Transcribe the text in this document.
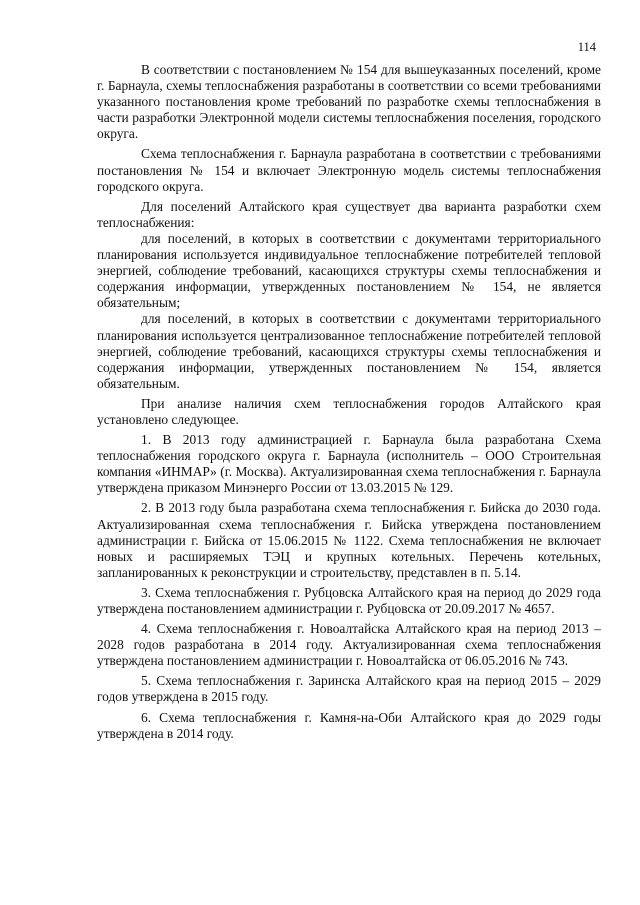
114

В соответствии с постановлением № 154 для вышеуказанных поселений, кроме г. Барнаула, схемы теплоснабжения разработаны в соответствии со всеми требованиями указанного постановления кроме требований по разработке схемы теплоснабжения в части разработки Электронной модели системы теплоснабжения поселения, городского округа.

Схема теплоснабжения г. Барнаула разработана в соответствии с требованиями постановления № 154 и включает Электронную модель системы теплоснабжения городского округа.

Для поселений Алтайского края существует два варианта разработки схем теплоснабжения:

для поселений, в которых в соответствии с документами территориального планирования используется индивидуальное теплоснабжение потребителей тепловой энергией, соблюдение требований, касающихся структуры схемы теплоснабжения и содержания информации, утвержденных постановлением № 154, не является обязательным;

для поселений, в которых в соответствии с документами территориального планирования используется централизованное теплоснабжение потребителей тепловой энергией, соблюдение требований, касающихся структуры схемы теплоснабжения и содержания информации, утвержденных постановлением № 154, является обязательным.

При анализе наличия схем теплоснабжения городов Алтайского края установлено следующее.

1. В 2013 году администрацией г. Барнаула была разработана Схема теплоснабжения городского округа г. Барнаула (исполнитель – ООО Строительная компания «ИНМАР» (г. Москва). Актуализированная схема теплоснабжения г. Барнаула утверждена приказом Минэнерго России от 13.03.2015 № 129.

2. В 2013 году была разработана схема теплоснабжения г. Бийска до 2030 года. Актуализированная схема теплоснабжения г. Бийска утверждена постановлением администрации г. Бийска от 15.06.2015 № 1122. Схема теплоснабжения не включает новых и расширяемых ТЭЦ и крупных котельных. Перечень котельных, запланированных к реконструкции и строительству, представлен в п. 5.14.

3. Схема теплоснабжения г. Рубцовска Алтайского края на период до 2029 года утверждена постановлением администрации г. Рубцовска от 20.09.2017 № 4657.

4. Схема теплоснабжения г. Новоалтайска Алтайского края на период 2013 – 2028 годов разработана в 2014 году. Актуализированная схема теплоснабжения утверждена постановлением администрации г. Новоалтайска от 06.05.2016 № 743.

5. Схема теплоснабжения г. Заринска Алтайского края на период 2015 – 2029 годов утверждена в 2015 году.

6. Схема теплоснабжения г. Камня-на-Оби Алтайского края до 2029 годы утверждена в 2014 году.
